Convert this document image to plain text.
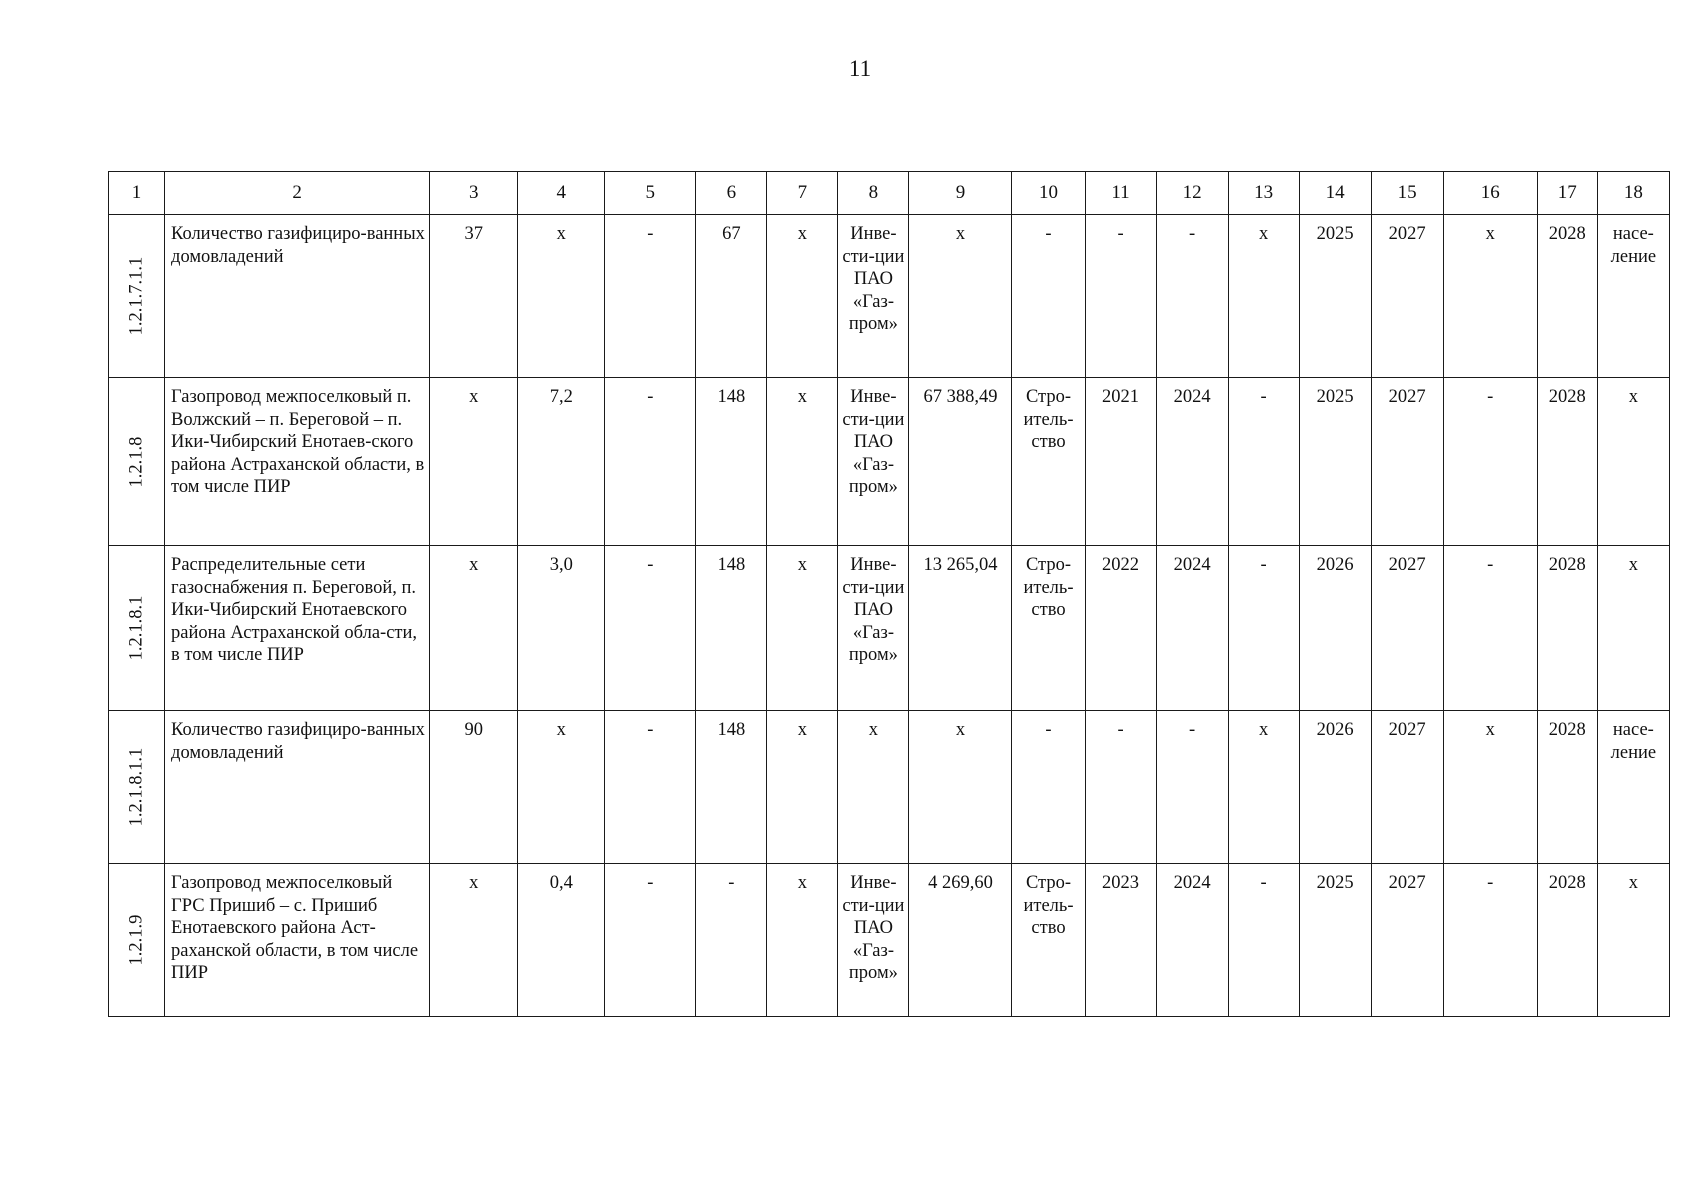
11
1	2	3	4	5	6	7	8	9	10	11	12	13	14	15	16	17	18

1.2.1.7.1.1	Количество газифициро-ванных домовладений	37	х	-	67	х	Инве-сти-ции ПАО «Газ-пром»	х	-	-	-	х	2025	2027	х	2028	насе-ление

1.2.1.8	Газопровод межпоселковый п. Волжский – п. Береговой – п. Ики-Чибирский Енотаев-ского района Астраханской области, в том числе ПИР	х	7,2	-	148	х	Инве-сти-ции ПАО «Газ-пром»	67 388,49	Стро-итель-ство	2021	2024	-	2025	2027	-	2028	х

1.2.1.8.1	Распределительные сети газоснабжения п. Береговой, п. Ики-Чибирский Енотаевского района Астраханской обла-сти, в том числе ПИР	х	3,0	-	148	х	Инве-сти-ции ПАО «Газ-пром»	13 265,04	Стро-итель-ство	2022	2024	-	2026	2027	-	2028	х

1.2.1.8.1.1	Количество газифициро-ванных домовладений	90	х	-	148	х	х	х	-	-	-	х	2026	2027	х	2028	насе-ление

1.2.1.9	Газопровод межпоселковый ГРС Пришиб – с. Пришиб Енотаевского района Аст-раханской области, в том числе ПИР	х	0,4	-	-	х	Инве-сти-ции ПАО «Газ-пром»	4 269,60	Стро-итель-ство	2023	2024	-	2025	2027	-	2028	х
